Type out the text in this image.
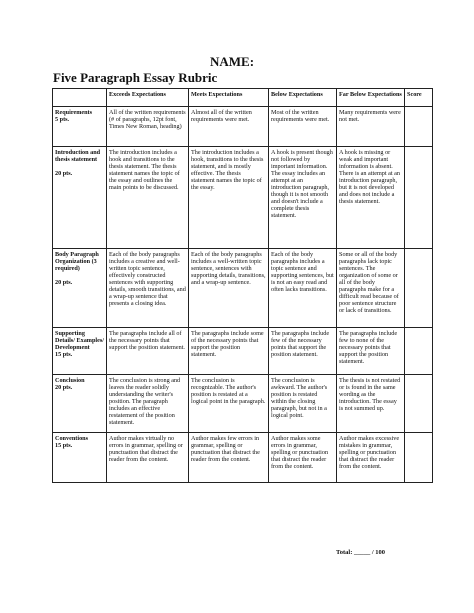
NAME:
Five Paragraph Essay Rubric
	Exceeds Expectations	Meets Expectations	Below Expectations	Far Below Expectations	Score

Requirements
5 pts.	All of the written requirements (# of paragraphs, 12pt font, Times New Roman, heading)	Almost all of the written requirements were met.	Most of the written requirements were met.	Many requirements were not met.	

Introduction and thesis statement
20 pts.	The introduction includes a hook and transitions to the thesis statement. The thesis statement names the topic of the essay and outlines the main points to be discussed.	The introduction includes a hook, transitions to the thesis statement, and is mostly effective. The thesis statement names the topic of the essay.	A hook is present though not followed by important information. The essay includes an attempt at an introduction paragraph, though it is not smooth and doesn't include a complete thesis statement.	A hook is missing or weak and important information is absent. There is an attempt at an introduction paragraph, but it is not developed and does not include a thesis statement.	

Body Paragraph Organization (3 required)
20 pts.	Each of the body paragraphs includes a creative and well-written topic sentence, effectively constructed sentences with supporting details, smooth transitions, and a wrap-up sentence that presents a closing idea.	Each of the body paragraphs includes a well-written topic sentence, sentences with supporting details, transitions, and a wrap-up sentence.	Each of the body paragraphs includes a topic sentence and supporting sentences, but is not an easy read and often lacks transitions.	Some or all of the body paragraphs lack topic sentences. The organization of some or all of the body paragraphs make for a difficult read because of poor sentence structure or lack of transitions.	

Supporting Details/ Examples/ Development
15 pts.	The paragraphs include all of the necessary points that support the position statement.	The paragraphs include some of the necessary points that support the position statement.	The paragraphs include few of the necessary points that support the position statement.	The paragraphs include few to none of the necessary points that support the position statement.	

Conclusion
20 pts.	The conclusion is strong and leaves the reader solidly understanding the writer's position. The paragraph includes an effective restatement of the position statement.	The conclusion is recognizable. The author's position is restated at a logical point in the paragraph.	The conclusion is awkward. The author's position is restated within the closing paragraph, but not in a logical point.	The thesis is not restated or is found in the same wording as the introduction. The essay is not summed up.	

Conventions
15 pts.	Author makes virtually no errors in grammar, spelling or punctuation that distract the reader from the content.	Author makes few errors in grammar, spelling or punctuation that distract the reader from the content.	Author makes some errors in grammar, spelling or punctuation that distract the reader from the content.	Author makes excessive mistakes in grammar, spelling or punctuation that distract the reader from the content.	
Total: _____ / 100
